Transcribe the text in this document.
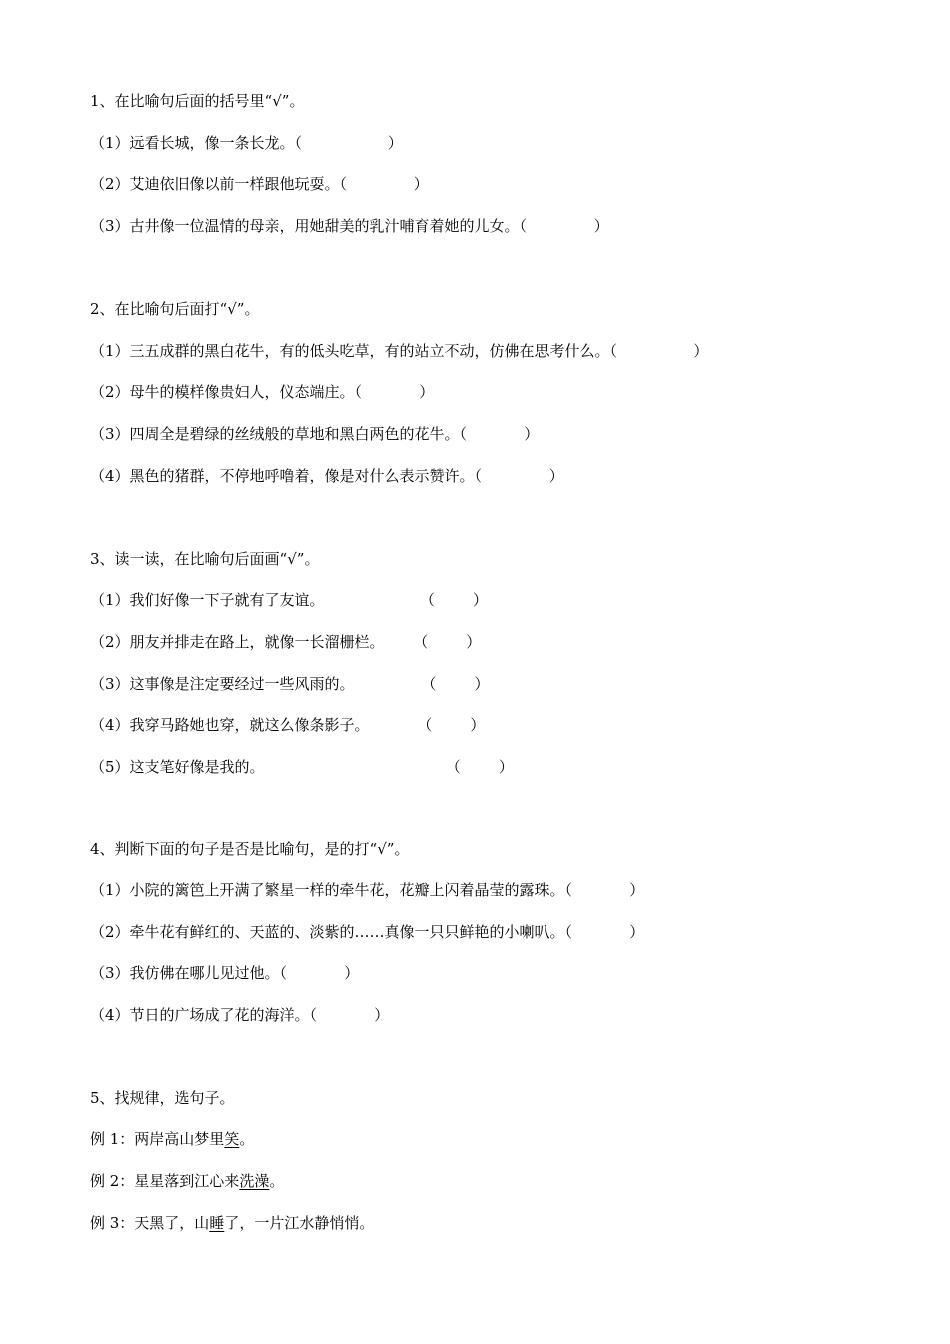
1、在比喻句后面的括号里“√”。
（1）远看长城，像一条长龙。（                  ）
（2）艾迪依旧像以前一样跟他玩耍。（              ）
（3）古井像一位温情的母亲，用她甜美的乳汁哺育着她的儿女。（              ）
2、在比喻句后面打“√”。
（1）三五成群的黑白花牛，有的低头吃草，有的站立不动，仿佛在思考什么。（                ）
（2）母牛的模样像贵妇人，仪态端庄。（            ）
（3）四周全是碧绿的丝绒般的草地和黑白两色的花牛。（            ）
（4）黑色的猪群，不停地呼噜着，像是对什么表示赞许。（              ）
3、读一读，在比喻句后面画“√”。
（1）我们好像一下子就有了友谊。                    （        ）
（2）朋友并排走在路上，就像一长溜栅栏。      （        ）
（3）这事像是注定要经过一些风雨的。              （        ）
（4）我穿马路她也穿，就这么像条影子。          （        ）
（5）这支笔好像是我的。                                      （        ）
4、判断下面的句子是否是比喻句，是的打“√”。
（1）小院的篱笆上开满了繁星一样的牵牛花，花瓣上闪着晶莹的露珠。（            ）
（2）牵牛花有鲜红的、天蓝的、淡紫的……真像一只只鲜艳的小喇叭。（            ）
（3）我仿佛在哪儿见过他。（            ）
（4）节日的广场成了花的海洋。（            ）
5、找规律，选句子。
例 1：两岸高山梦里笑。
例 2：星星落到江心来洗澡。
例 3：天黑了，山睡了，一片江水静悄悄。
